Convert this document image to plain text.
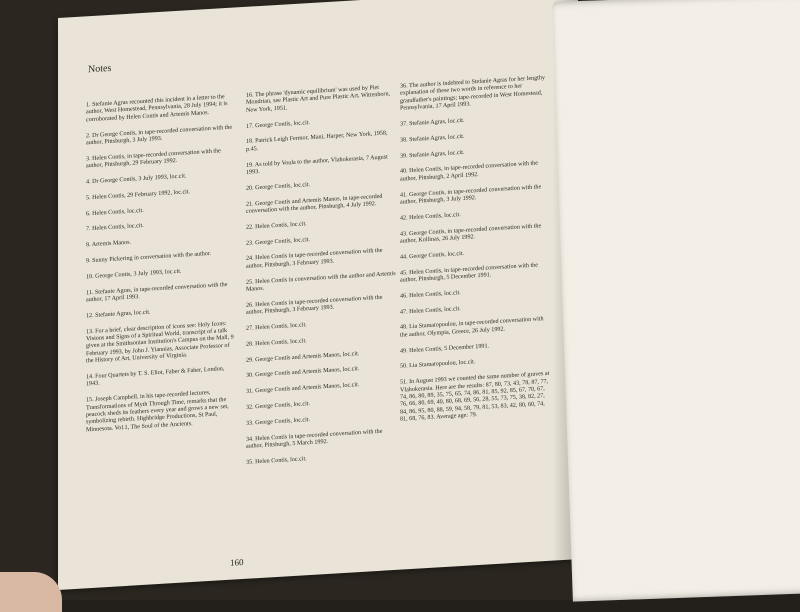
Notes

1. Stefanie Agras recounted this incident in a letter to the author, West Homestead, Pennsylvania, 28 July 1994; it is corroborated by Helen Contis and Artemis Manos.

2. Dr George Contis, in tape-recorded conversation with the author, Pittsburgh, 3 July 1993.

3. Helen Contis, in tape-recorded conversation with the author, Pittsburgh, 29 February 1992.

4. Dr George Contis, 3 July 1993, loc.cit.

5. Helen Contis, 29 February 1992, loc.cit.

6. Helen Contis, loc.cit.

7. Helen Contis, loc.cit.

8. Artemis Manos.

9. Sunny Pickering in conversation with the author.

10. George Contis, 3 July 1993, loc.cit.

11. Stefanie Agras, in tape-recorded conversation with the author, 17 April 1993.

12. Stefanie Agras, loc.cit.

13. For a brief, clear description of icons see: Holy Icons: Visions and Signs of a Spiritual World, transcript of a talk given at the Smithsonian Institution's Campus on the Mall, 9 February 1993, by John J. Yiannias, Associate Professor of the History of Art, University of Virginia.

14. Four Quartets by T. S. Eliot, Faber & Faber, London, 1943.

15. Joseph Campbell, in his tape-recorded lectures, Transformations of Myth Through Time, remarks that the peacock sheds its feathers every year and grows a new set, symbolizing rebirth. Highbridge Productions, St Paul, Minnesota. Vol.1, The Soul of the Ancients.

16. The phrase 'dynamic equilibrium' was used by Piet Mondrian, see Plastic Art and Pure Plastic Art, Wittenborn, New York, 1951.

17. George Contis, loc.cit.

18. Patrick Leigh Fermor, Mani, Harper, New York, 1958, p.45.

19. As told by Voula to the author, Vlahokerasia, 7 August 1993.

20. George Contis, loc.cit.

21. George Contis and Artemis Manos, in tape-recorded conversation with the author, Pittsburgh, 4 July 1992.

22. Helen Contis, loc.cit.

23. George Contis, loc.cit.

24. Helen Contis in tape-recorded conversation with the author, Pittsburgh, 3 February 1993.

25. Helen Contis in conversation with the author and Artemis Manos.

26. Helen Contis in tape-recorded conversation with the author, Pittsburgh, 3 February 1993.

27. Helen Contis, loc.cit.

28. Helen Contis, loc.cit.

29. George Contis and Artemis Manos, loc.cit.

30. George Contis and Artemis Manos, loc.cit.

31. George Contis and Artemis Manos, loc.cit.

32. George Contis, loc.cit.

33. George Contis, loc.cit.

34. Helen Contis in tape-recorded conversation with the author, Pittsburgh, 5 March 1992.

35. Helen Contis, loc.cit.

36. The author is indebted to Stefanie Agras for her lengthy explanation of these two words in reference to her grandfather's paintings; tape-recorded in West Homestead, Pennsylvania, 17 April 1993.

37. Stefanie Agras, loc.cit.

38. Stefanie Agras, loc.cit.

39. Stefanie Agras, loc.cit.

40. Helen Contis, in tape-recorded conversation with the author, Pittsburgh, 2 April 1992.

41. George Contis, in tape-recorded conversation with the author, Pittsburgh, 3 July 1992.

42. Helen Contis, loc.cit.

43. George Contis, in tape-recorded conversation with the author, Kollinas, 26 July 1992.

44. George Contis, loc.cit.

45. Helen Contis, in tape-recorded conversation with the author, Pittsburgh, 5 December 1991.

46. Helen Contis, loc.cit.

47. Helen Contis, loc.cit.

48. Lia Stamatopoulou, in tape-recorded conversation with the author, Olympia, Greece, 26 July 1992.

49. Helen Contis, 5 December 1991.

50. Lia Stamatopoulou, loc.cit.

51. In August 1993 we counted the same number of graves at Vlahokerasia. Here are the results: 87, 80, 73, 43, 78, 87, 77, 74, 86, 80, 89, 35, 75, 65, 74, 86, 81, 85, 92, 85, 67, 70, 67, 76, 66, 80, 69, 40, 80, 68, 69, 56, 28, 55, 73, 75, 38, 82, 27, 84, 86, 95, 80, 88, 59, 94, 58, 79, 81, 53, 83, 42, 80, 60, 74, 81, 68, 76, 83. Average age: 79.

160
